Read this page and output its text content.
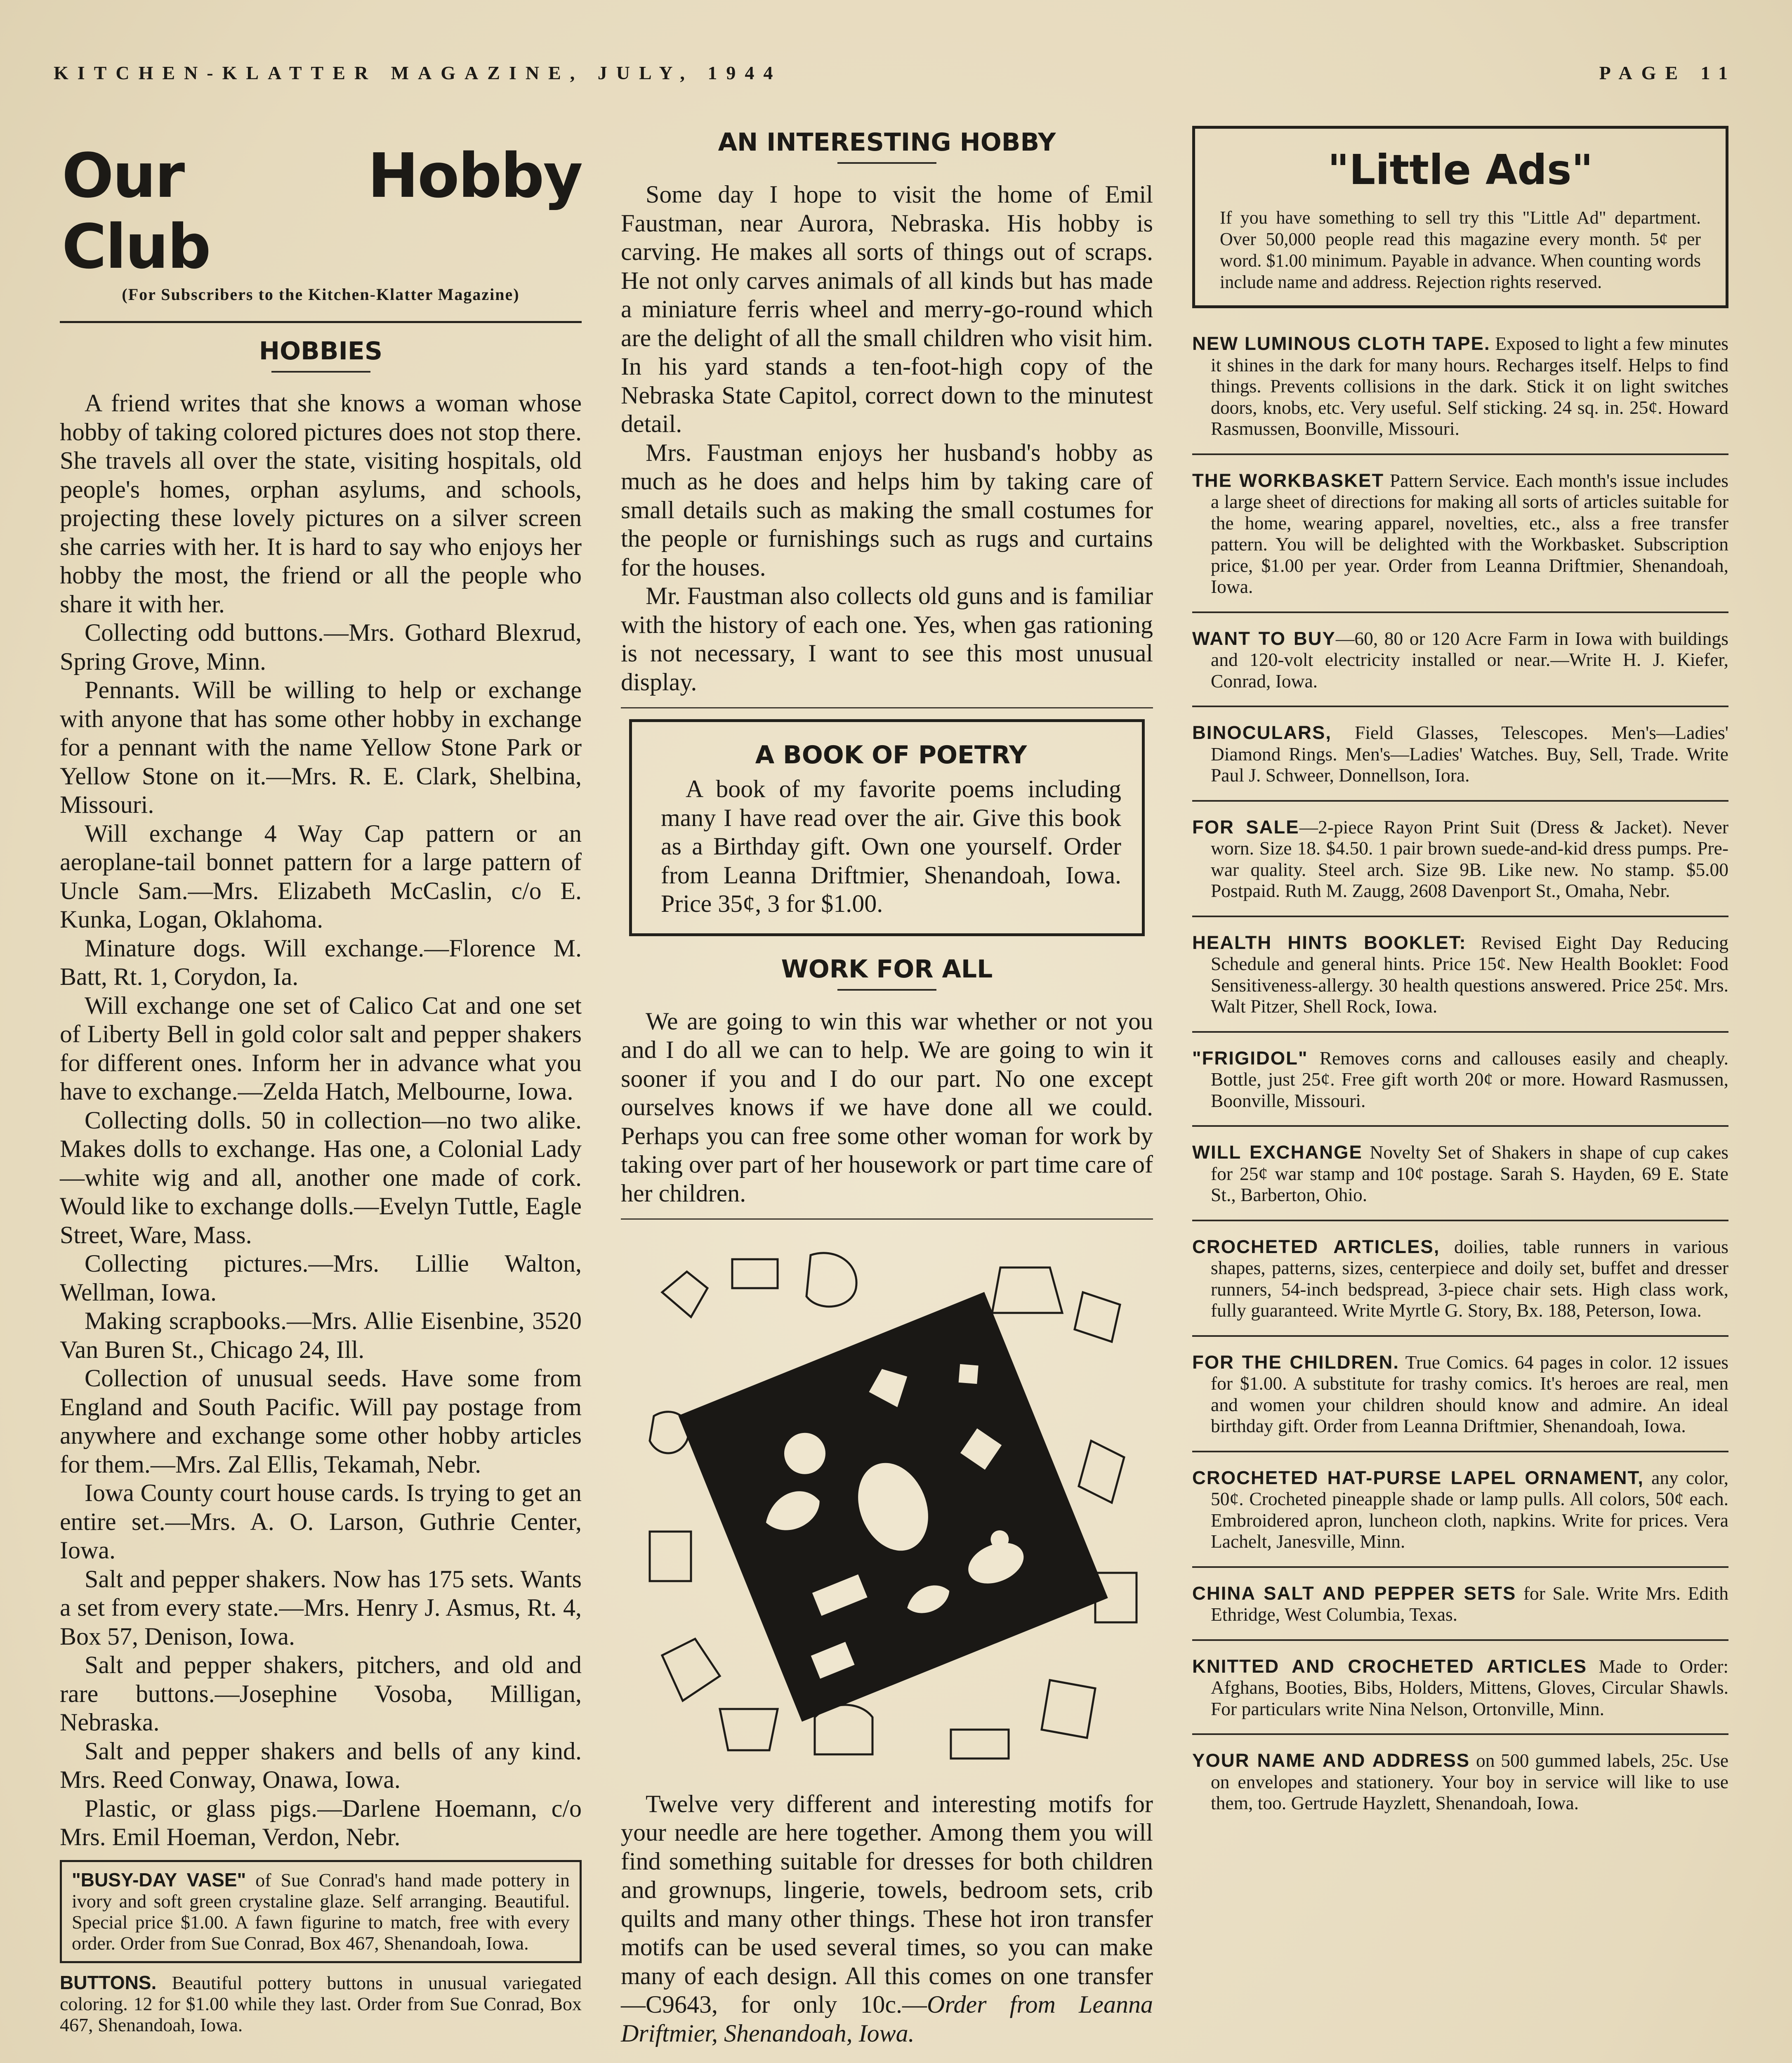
KITCHEN-KLATTER MAGAZINE, JULY, 1944	PAGE 11
Our Hobby Club
(For Subscribers to the Kitchen-Klatter Magazine)
HOBBIES

A friend writes that she knows a woman whose hobby of taking colored pictures does not stop there. She travels all over the state, visiting hospitals, old people's homes, orphan asylums, and schools, projecting these lovely pictures on a silver screen she carries with her. It is hard to say who enjoys her hobby the most, the friend or all the people who share it with her.

Collecting odd buttons.—Mrs. Gothard Blexrud, Spring Grove, Minn.

Pennants. Will be willing to help or exchange with anyone that has some other hobby in exchange for a pennant with the name Yellow Stone Park or Yellow Stone on it.—Mrs. R. E. Clark, Shelbina, Missouri.

Will exchange 4 Way Cap pattern or an aeroplane-tail bonnet pattern for a large pattern of Uncle Sam.—Mrs. Elizabeth McCaslin, c/o E. Kunka, Logan, Oklahoma.

Minature dogs. Will exchange.—Florence M. Batt, Rt. 1, Corydon, Ia.

Will exchange one set of Calico Cat and one set of Liberty Bell in gold color salt and pepper shakers for different ones. Inform her in advance what you have to exchange.—Zelda Hatch, Melbourne, Iowa.

Collecting dolls. 50 in collection—no two alike. Makes dolls to exchange. Has one, a Colonial Lady—white wig and all, another one made of cork. Would like to exchange dolls.—Evelyn Tuttle, Eagle Street, Ware, Mass.

Collecting pictures.—Mrs. Lillie Walton, Wellman, Iowa.

Making scrapbooks.—Mrs. Allie Eisenbine, 3520 Van Buren St., Chicago 24, Ill.

Collection of unusual seeds. Have some from England and South Pacific. Will pay postage from anywhere and exchange some other hobby articles for them.—Mrs. Zal Ellis, Tekamah, Nebr.

Iowa County court house cards. Is trying to get an entire set.—Mrs. A. O. Larson, Guthrie Center, Iowa.

Salt and pepper shakers. Now has 175 sets. Wants a set from every state.—Mrs. Henry J. Asmus, Rt. 4, Box 57, Denison, Iowa.

Salt and pepper shakers, pitchers, and old and rare buttons.—Josephine Vosoba, Milligan, Nebraska.

Salt and pepper shakers and bells of any kind. Mrs. Reed Conway, Onawa, Iowa.

Plastic, or glass pigs.—Darlene Hoemann, c/o Mrs. Emil Hoeman, Verdon, Nebr.

"BUSY-DAY VASE" of Sue Conrad's hand made pottery in ivory and soft green crystaline glaze. Self arranging. Beautiful. Special price $1.00. A fawn figurine to match, free with every order. Order from Sue Conrad, Box 467, Shenandoah, Iowa.
BUTTONS. Beautiful pottery buttons in unusual variegated coloring. 12 for $1.00 while they last. Order from Sue Conrad, Box 467, Shenandoah, Iowa.
AN INTERESTING HOBBY

Some day I hope to visit the home of Emil Faustman, near Aurora, Nebraska. His hobby is carving. He makes all sorts of things out of scraps. He not only carves animals of all kinds but has made a miniature ferris wheel and merry-go-round which are the delight of all the small children who visit him. In his yard stands a ten-foot-high copy of the Nebraska State Capitol, correct down to the minutest detail.

Mrs. Faustman enjoys her husband's hobby as much as he does and helps him by taking care of small details such as making the small costumes for the people or furnishings such as rugs and curtains for the houses.

Mr. Faustman also collects old guns and is familiar with the history of each one. Yes, when gas rationing is not necessary, I want to see this most unusual display.

A BOOK OF POETRY

A book of my favorite poems including many I have read over the air. Give this book as a Birthday gift. Own one yourself. Order from Leanna Driftmier, Shenandoah, Iowa. Price 35¢, 3 for $1.00.

WORK FOR ALL

We are going to win this war whether or not you and I do all we can to help. We are going to win it sooner if you and I do our part. No one except ourselves knows if we have done all we could. Perhaps you can free some other woman for work by taking over part of her housework or part time care of her children.

Twelve very different and interesting motifs for your needle are here together. Among them you will find something suitable for dresses for both children and grownups, lingerie, towels, bedroom sets, crib quilts and many other things. These hot iron transfer motifs can be used several times, so you can make many of each design. All this comes on one transfer—C9643, for only 10c.—Order from Leanna Driftmier, Shenandoah, Iowa.

"Little Ads"
If you have something to sell try this "Little Ad" department. Over 50,000 people read this magazine every month. 5¢ per word. $1.00 minimum. Payable in advance. When counting words include name and address. Rejection rights reserved.

NEW LUMINOUS CLOTH TAPE. Exposed to light a few minutes it shines in the dark for many hours. Recharges itself. Helps to find things. Prevents collisions in the dark. Stick it on light switches doors, knobs, etc. Very useful. Self sticking. 24 sq. in. 25¢. Howard Rasmussen, Boonville, Missouri.

THE WORKBASKET Pattern Service. Each month's issue includes a large sheet of directions for making all sorts of articles suitable for the home, wearing apparel, novelties, etc., alss a free transfer pattern. You will be delighted with the Workbasket. Subscription price, $1.00 per year. Order from Leanna Driftmier, Shenandoah, Iowa.

WANT TO BUY—60, 80 or 120 Acre Farm in Iowa with buildings and 120-volt electricity installed or near.—Write H. J. Kiefer, Conrad, Iowa.

BINOCULARS, Field Glasses, Telescopes. Men's—Ladies' Diamond Rings. Men's—Ladies' Watches. Buy, Sell, Trade. Write Paul J. Schweer, Donnellson, Iora.

FOR SALE—2-piece Rayon Print Suit (Dress & Jacket). Never worn. Size 18. $4.50. 1 pair brown suede-and-kid dress pumps. Pre-war quality. Steel arch. Size 9B. Like new. No stamp. $5.00 Postpaid. Ruth M. Zaugg, 2608 Davenport St., Omaha, Nebr.

HEALTH HINTS BOOKLET: Revised Eight Day Reducing Schedule and general hints. Price 15¢. New Health Booklet: Food Sensitiveness-allergy. 30 health questions answered. Price 25¢. Mrs. Walt Pitzer, Shell Rock, Iowa.

"FRIGIDOL" Removes corns and callouses easily and cheaply. Bottle, just 25¢. Free gift worth 20¢ or more. Howard Rasmussen, Boonville, Missouri.

WILL EXCHANGE Novelty Set of Shakers in shape of cup cakes for 25¢ war stamp and 10¢ postage. Sarah S. Hayden, 69 E. State St., Barberton, Ohio.

CROCHETED ARTICLES, doilies, table runners in various shapes, patterns, sizes, centerpiece and doily set, buffet and dresser runners, 54-inch bedspread, 3-piece chair sets. High class work, fully guaranteed. Write Myrtle G. Story, Bx. 188, Peterson, Iowa.

FOR THE CHILDREN. True Comics. 64 pages in color. 12 issues for $1.00. A substitute for trashy comics. It's heroes are real, men and women your children should know and admire. An ideal birthday gift. Order from Leanna Driftmier, Shenandoah, Iowa.

CROCHETED HAT-PURSE LAPEL ORNAMENT, any color, 50¢. Crocheted pineapple shade or lamp pulls. All colors, 50¢ each. Embroidered apron, luncheon cloth, napkins. Write for prices. Vera Lachelt, Janesville, Minn.

CHINA SALT AND PEPPER SETS for Sale. Write Mrs. Edith Ethridge, West Columbia, Texas.

KNITTED AND CROCHETED ARTICLES Made to Order: Afghans, Booties, Bibs, Holders, Mittens, Gloves, Circular Shawls. For particulars write Nina Nelson, Ortonville, Minn.

YOUR NAME AND ADDRESS on 500 gummed labels, 25c. Use on envelopes and stationery. Your boy in service will like to use them, too. Gertrude Hayzlett, Shenandoah, Iowa.
